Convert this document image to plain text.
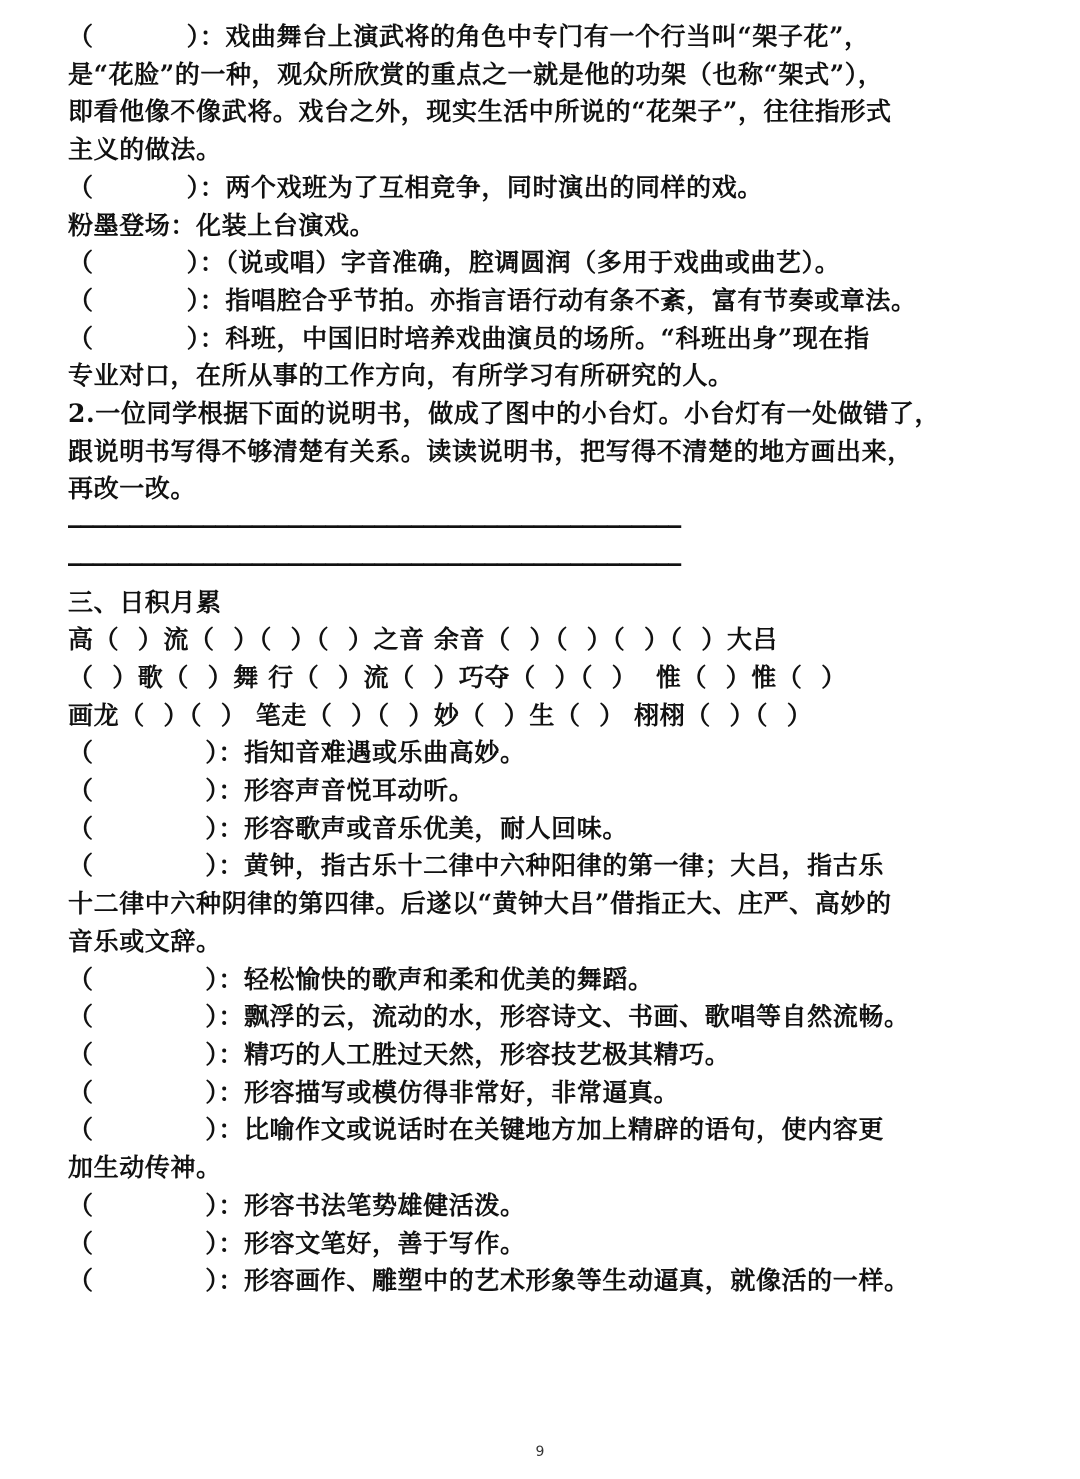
（          ）：戏曲舞台上演武将的角色中专门有一个行当叫“架子花”，
是“花脸”的一种，观众所欣赏的重点之一就是他的功架（也称“架式”），
即看他像不像武将。戏台之外，现实生活中所说的“花架子”，往往指形式
主义的做法。
（          ）：两个戏班为了互相竞争，同时演出的同样的戏。
粉墨登场：化装上台演戏。
（          ）：（说或唱）字音准确，腔调圆润（多用于戏曲或曲艺）。
（          ）：指唱腔合乎节拍。亦指言语行动有条不紊，富有节奏或章法。
（          ）：科班，中国旧时培养戏曲演员的场所。“科班出身”现在指
专业对口，在所从事的工作方向，有所学习有所研究的人。
2.一位同学根据下面的说明书，做成了图中的小台灯。小台灯有一处做错了，
跟说明书写得不够清楚有关系。读读说明书，把写得不清楚的地方画出来，
再改一改。
——————————————————————————————————————————————————
——————————————————————————————————————————————————
三、日积月累
高（  ）流（  ）（  ）（  ）之音 余音（  ）（  ）（  ）（  ）大吕
（  ）歌（  ）舞 行（  ）流（  ）巧夺（  ）（  ）  惟（  ）惟（  ）
画龙（  ）（  ） 笔走（  ）（  ）妙（  ）生（  ） 栩栩（  ）（  ）
（            ）：指知音难遇或乐曲高妙。
（            ）：形容声音悦耳动听。
（            ）：形容歌声或音乐优美，耐人回味。
（            ）：黄钟，指古乐十二律中六种阳律的第一律；大吕，指古乐
十二律中六种阴律的第四律。后遂以“黄钟大吕”借指正大、庄严、高妙的
音乐或文辞。
（            ）：轻松愉快的歌声和柔和优美的舞蹈。
（            ）：飘浮的云，流动的水，形容诗文、书画、歌唱等自然流畅。
（            ）：精巧的人工胜过天然，形容技艺极其精巧。
（            ）：形容描写或模仿得非常好，非常逼真。
（            ）：比喻作文或说话时在关键地方加上精辟的语句，使内容更
加生动传神。
（            ）：形容书法笔势雄健活泼。
（            ）：形容文笔好，善于写作。
（            ）：形容画作、雕塑中的艺术形象等生动逼真，就像活的一样。
9
